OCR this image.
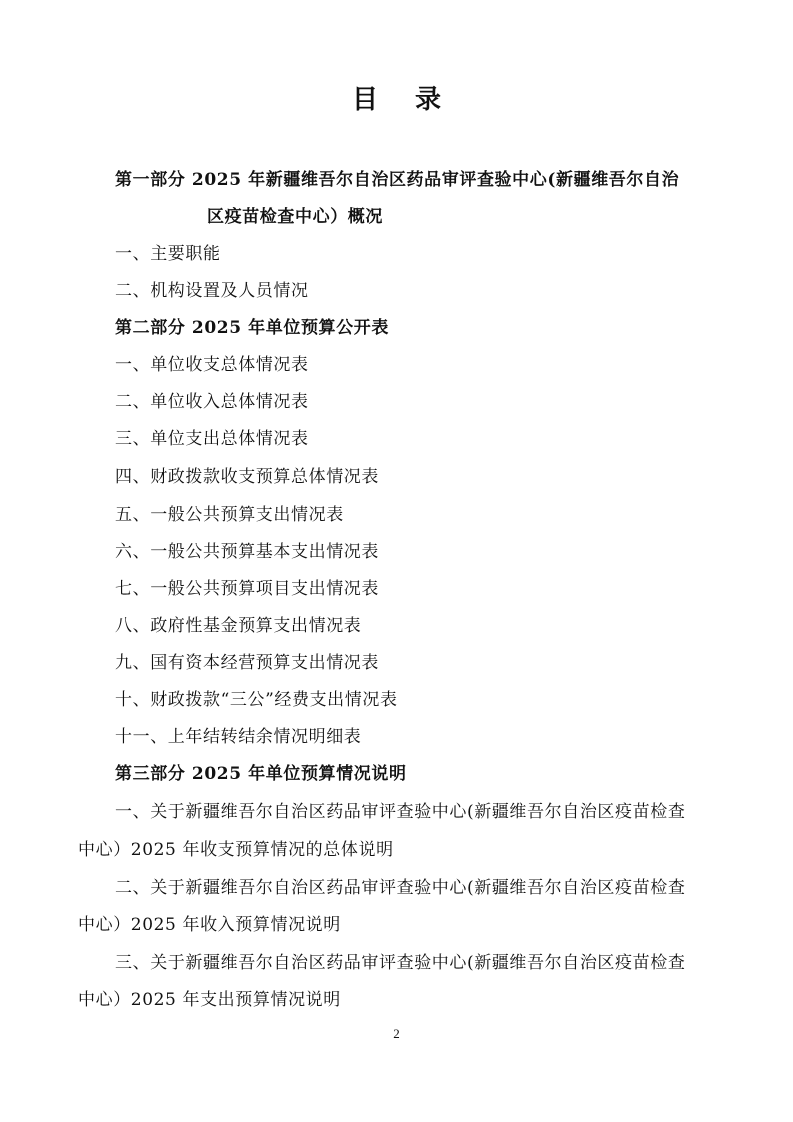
目 录
第一部分 2025 年新疆维吾尔自治区药品审评查验中心(新疆维吾尔自治
区疫苗检查中心）概况
一、主要职能
二、机构设置及人员情况
第二部分 2025 年单位预算公开表
一、单位收支总体情况表
二、单位收入总体情况表
三、单位支出总体情况表
四、财政拨款收支预算总体情况表
五、一般公共预算支出情况表
六、一般公共预算基本支出情况表
七、一般公共预算项目支出情况表
八、政府性基金预算支出情况表
九、国有资本经营预算支出情况表
十、财政拨款“三公”经费支出情况表
十一、上年结转结余情况明细表
第三部分 2025 年单位预算情况说明
一、关于新疆维吾尔自治区药品审评查验中心(新疆维吾尔自治区疫苗检查
中心）2025 年收支预算情况的总体说明
二、关于新疆维吾尔自治区药品审评查验中心(新疆维吾尔自治区疫苗检查
中心）2025 年收入预算情况说明
三、关于新疆维吾尔自治区药品审评查验中心(新疆维吾尔自治区疫苗检查
中心）2025 年支出预算情况说明
2
